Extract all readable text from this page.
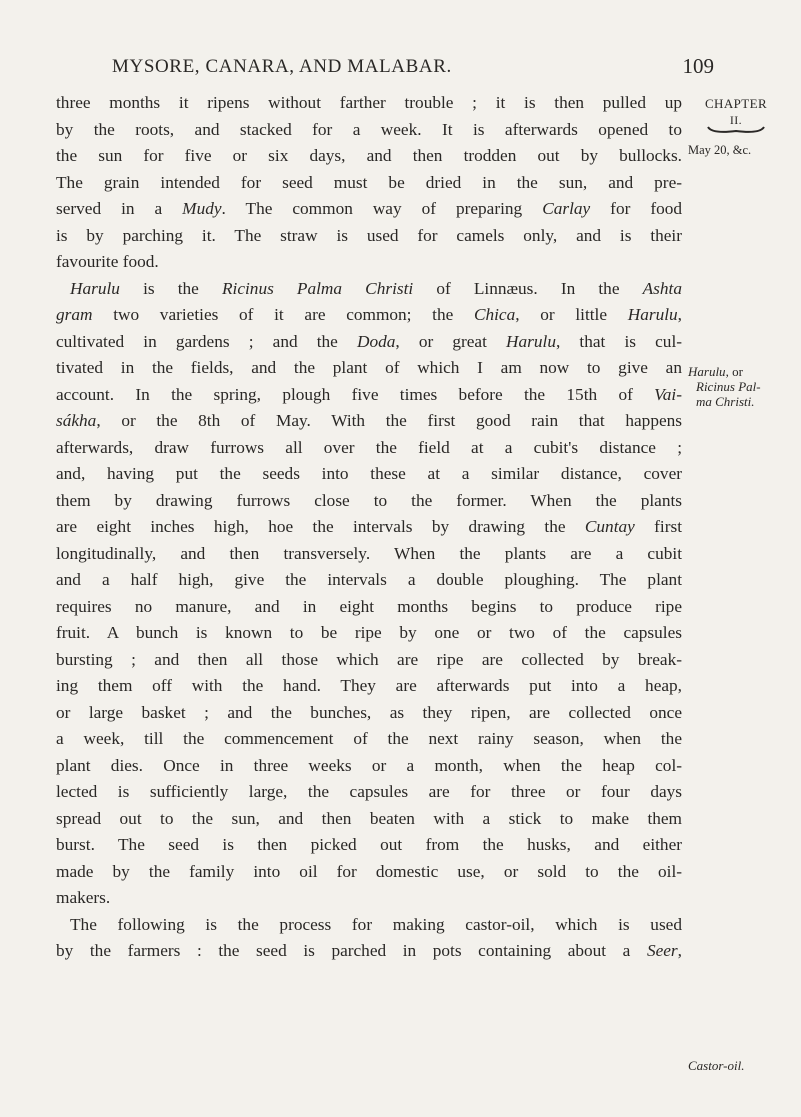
MYSORE, CANARA, AND MALABAR.	109
three months it ripens without farther trouble ; it is then pulled up
by the roots, and stacked for a week. It is afterwards opened to
the sun for five or six days, and then trodden out by bullocks.
The grain intended for seed must be dried in the sun, and pre-
served in a Mudy. The common way of preparing Carlay for food
is by parching it. The straw is used for camels only, and is their
favourite food.
Harulu is the Ricinus Palma Christi of Linnæus. In the Ashta
gram two varieties of it are common; the Chica, or little Harulu,
cultivated in gardens ; and the Doda, or great Harulu, that is cul-
tivated in the fields, and the plant of which I am now to give an
account. In the spring, plough five times before the 15th of Vai-
sákha, or the 8th of May. With the first good rain that happens
afterwards, draw furrows all over the field at a cubit's distance ;
and, having put the seeds into these at a similar distance, cover
them by drawing furrows close to the former. When the plants
are eight inches high, hoe the intervals by drawing the Cuntay first
longitudinally, and then transversely. When the plants are a cubit
and a half high, give the intervals a double ploughing. The plant
requires no manure, and in eight months begins to produce ripe
fruit. A bunch is known to be ripe by one or two of the capsules
bursting ; and then all those which are ripe are collected by break-
ing them off with the hand. They are afterwards put into a heap,
or large basket ; and the bunches, as they ripen, are collected once
a week, till the commencement of the next rainy season, when the
plant dies. Once in three weeks or a month, when the heap col-
lected is sufficiently large, the capsules are for three or four days
spread out to the sun, and then beaten with a stick to make them
burst. The seed is then picked out from the husks, and either
made by the family into oil for domestic use, or sold to the oil-
makers.
The following is the process for making castor-oil, which is used
by the farmers : the seed is parched in pots containing about a Seer,
CHAPTER
II.
May 20, &c.
Harulu, or
Ricinus Pal-
ma Christi.
Castor-oil.
